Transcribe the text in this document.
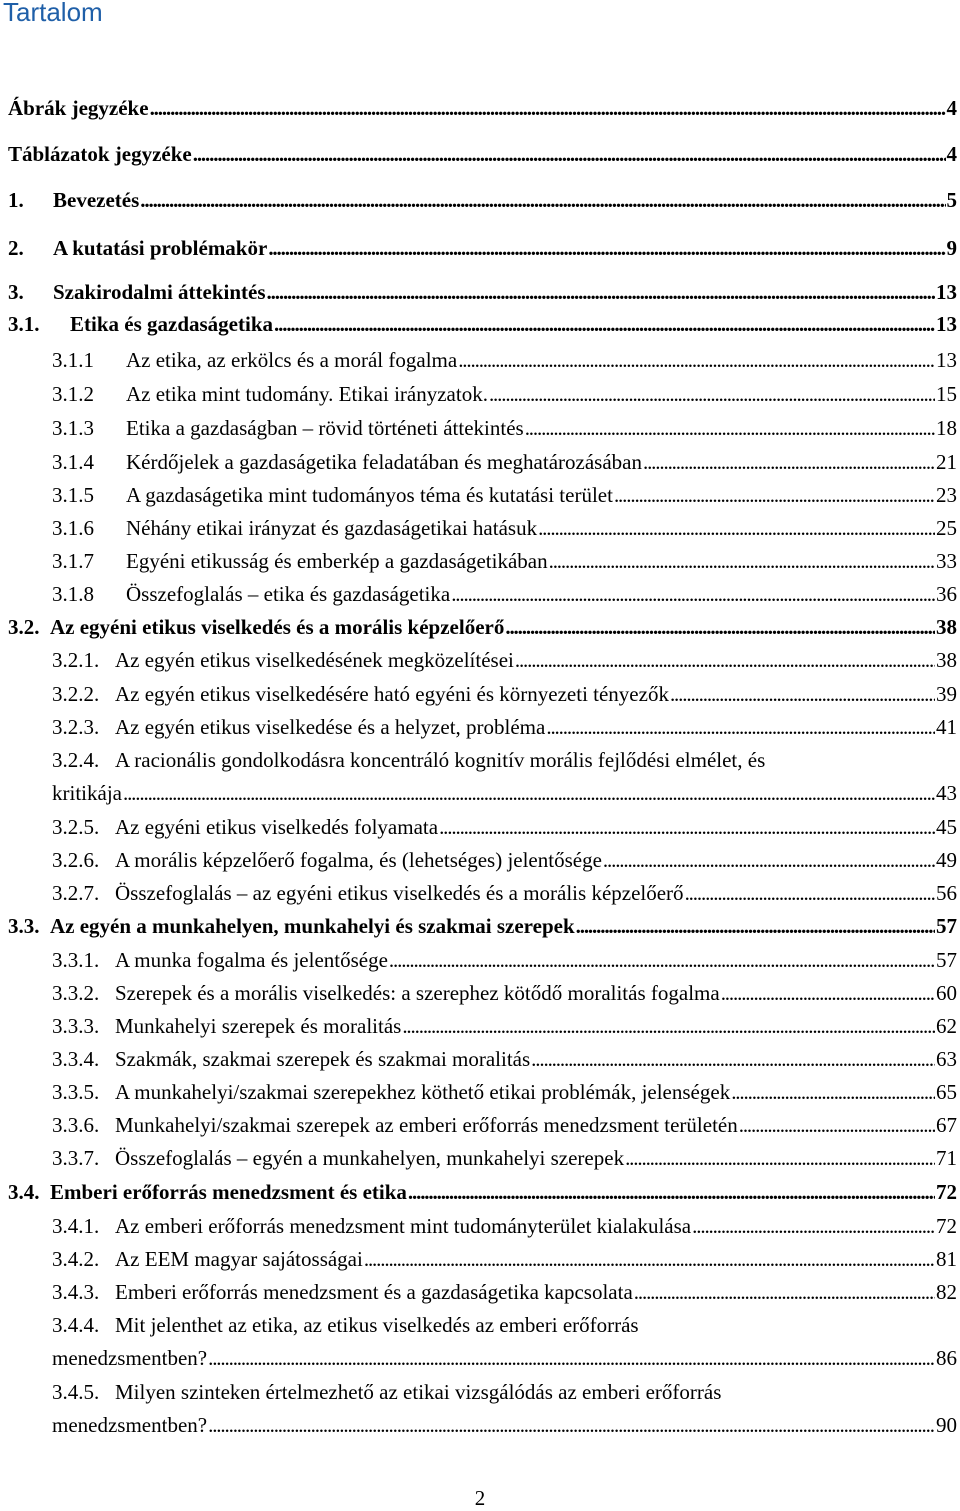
Tartalom
Ábrák jegyzéke . . .	4
Táblázatok jegyzéke . . .	4
1. Bevezetés . . .	5
2. A kutatási problémakör . . .	9
3. Szakirodalmi áttekintés . . .	13
3.1. Etika és gazdaságetika . . .	13
3.1.1 Az etika, az erkölcs és a morál fogalma . . .	13
3.1.2 Az etika mint tudomány. Etikai irányzatok. . . .	15
3.1.3 Etika a gazdaságban – rövid történeti áttekintés . . .	18
3.1.4 Kérdőjelek a gazdaságetika feladatában és meghatározásában . . .	21
3.1.5 A gazdaságetika mint tudományos téma és kutatási terület . . .	23
3.1.6 Néhány etikai irányzat és gazdaságetikai hatásuk . . .	25
3.1.7 Egyéni etikusság és emberkép a gazdaságetikában . . .	33
3.1.8 Összefoglalás – etika és gazdaságetika . . .	36
3.2. Az egyéni etikus viselkedés és a morális képzelőerő . . .	38
3.2.1. Az egyén etikus viselkedésének megközelítései . . .	38
3.2.2. Az egyén etikus viselkedésére ható egyéni és környezeti tényezők . . .	39
3.2.3. Az egyén etikus viselkedése és a helyzet, probléma . . .	41
3.2.4. A racionális gondolkodásra koncentráló kognitív morális fejlődési elmélet, és
kritikája . . .	43
3.2.5. Az egyéni etikus viselkedés folyamata . . .	45
3.2.6. A morális képzelőerő fogalma, és (lehetséges) jelentősége . . .	49
3.2.7. Összefoglalás – az egyéni etikus viselkedés és a morális képzelőerő . . .	56
3.3. Az egyén a munkahelyen, munkahelyi és szakmai szerepek . . .	57
3.3.1. A munka fogalma és jelentősége . . .	57
3.3.2. Szerepek és a morális viselkedés: a szerephez kötődő moralitás fogalma . . .	60
3.3.3. Munkahelyi szerepek és moralitás . . .	62
3.3.4. Szakmák, szakmai szerepek és szakmai moralitás . . .	63
3.3.5. A munkahelyi/szakmai szerepekhez köthető etikai problémák, jelenségek . . .	65
3.3.6. Munkahelyi/szakmai szerepek az emberi erőforrás menedzsment területén . . .	67
3.3.7. Összefoglalás – egyén a munkahelyen, munkahelyi szerepek . . .	71
3.4. Emberi erőforrás menedzsment és etika . . .	72
3.4.1. Az emberi erőforrás menedzsment mint tudományterület kialakulása . . .	72
3.4.2. Az EEM magyar sajátosságai . . .	81
3.4.3. Emberi erőforrás menedzsment és a gazdaságetika kapcsolata . . .	82
3.4.4. Mit jelenthet az etika, az etikus viselkedés az emberi erőforrás
menedzsmentben? . . .	86
3.4.5. Milyen szinteken értelmezhető az etikai vizsgálódás az emberi erőforrás
menedzsmentben? . . .	90
2
